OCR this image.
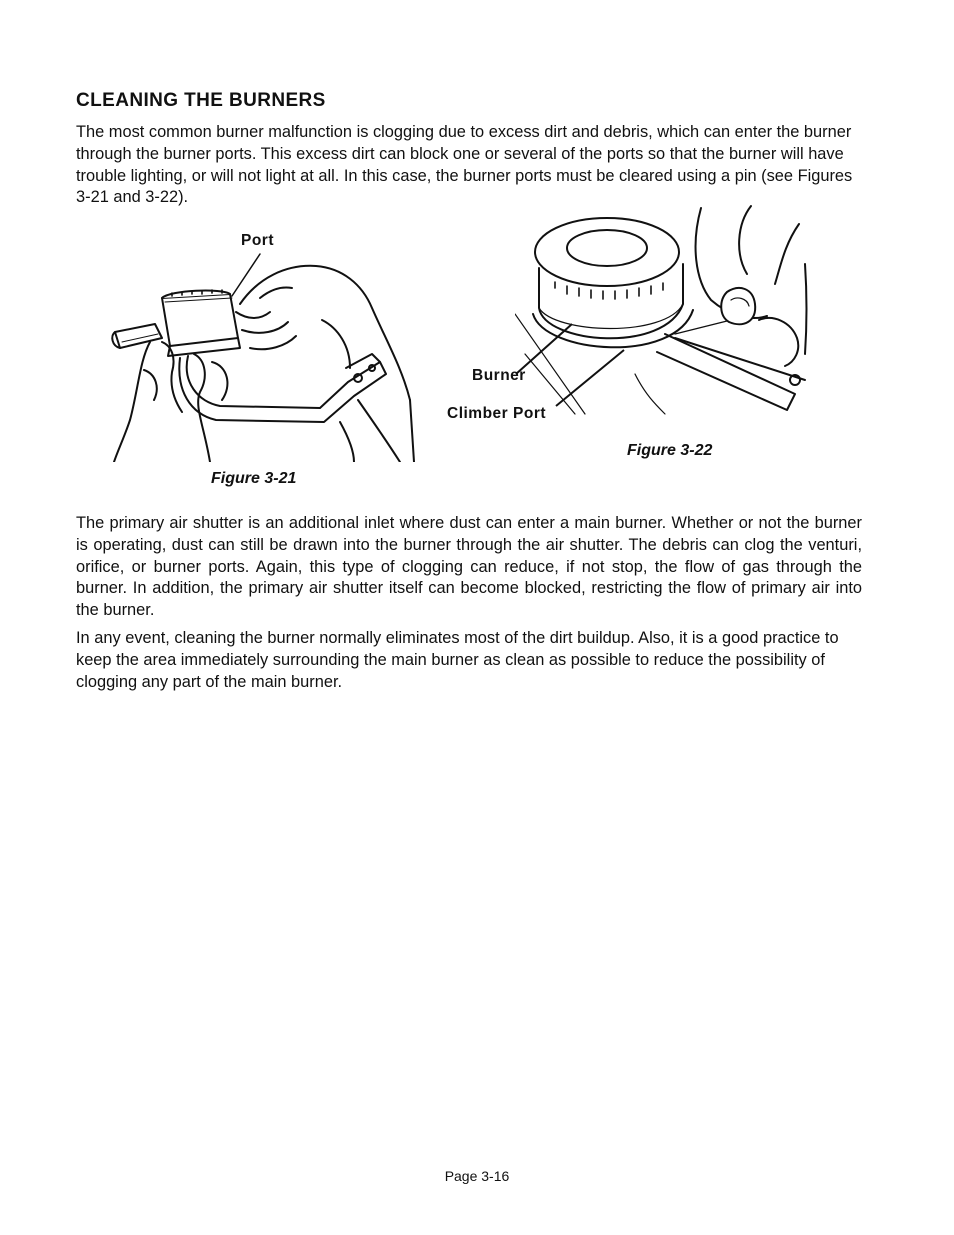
CLEANING THE BURNERS

The most common burner malfunction is clogging due to excess dirt and debris, which can enter the burner through the burner ports. This excess dirt can block one or several of the ports so that the burner will have trouble lighting, or will not light at all. In this case, the burner ports must be cleared using a pin (see Figures 3-21 and 3-22).

Port
Figure 3-21
Burner
Climber Port
Figure 3-22

The primary air shutter is an additional inlet where dust can enter a main burner. Whether or not the burner is operating, dust can still be drawn into the burner through the air shutter. The debris can clog the venturi, orifice, or burner ports. Again, this type of clogging can reduce, if not stop, the flow of gas through the burner. In addition, the primary air shutter itself can become blocked, restricting the flow of primary air into the burner.

In any event, cleaning the burner normally eliminates most of the dirt buildup. Also, it is a good practice to keep the area immediately surrounding the main burner as clean as possible to reduce the possibility of clogging any part of the main burner.

Page 3-16
